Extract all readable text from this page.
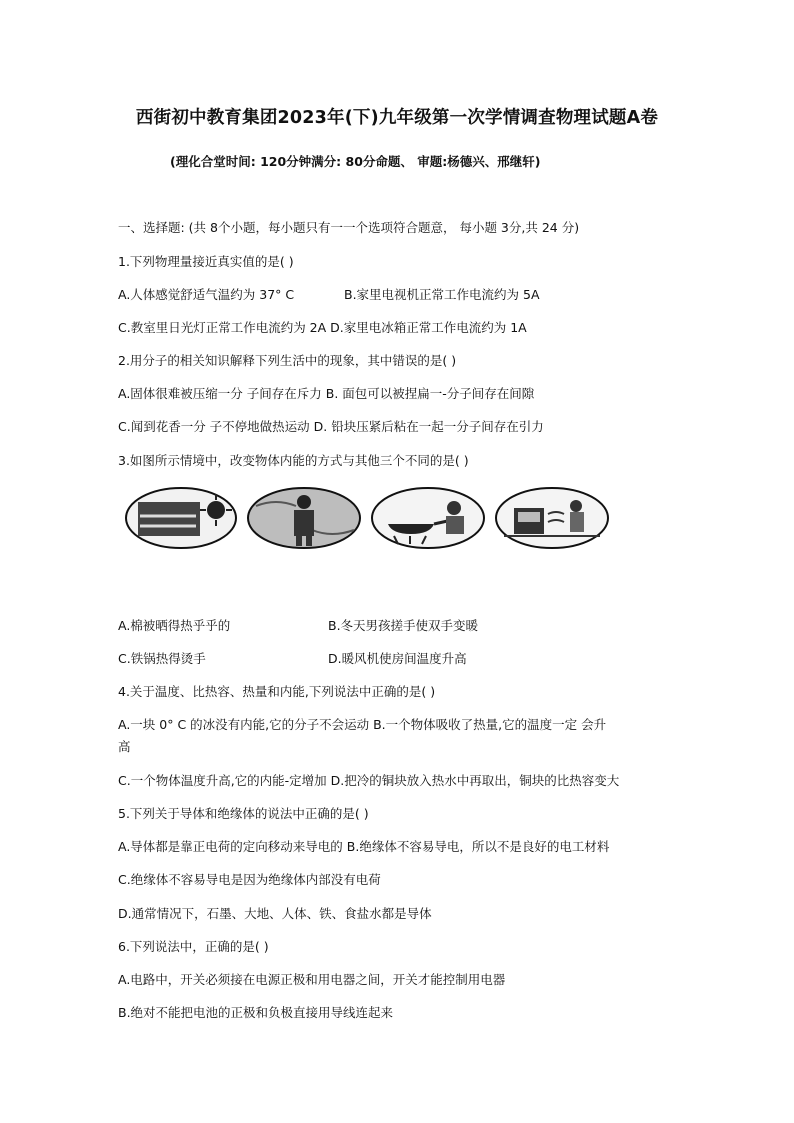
西街初中教育集团2023年(下)九年级第一次学情调查物理试题A卷
(理化合堂时间: 120分钟满分: 80分命题、 审题:杨德兴、邢继轩)
一、选择题: (共 8个小题，每小题只有一一个选项符合题意， 每小题 3分,共 24 分)
1.下列物理量接近真实值的是( )
A.人体感觉舒适气温约为 37° C	B.家里电视机正常工作电流约为 5A
C.教室里日光灯正常工作电流约为 2A D.家里电冰箱正常工作电流约为 1A
2.用分子的相关知识解释下列生活中的现象，其中错误的是( )
A.固体很难被压缩一分 子间存在斥力 B. 面包可以被捏扁一-分子间存在间隙
C.闻到花香一分 子不停地做热运动 D. 铅块压紧后粘在一起一分子间存在引力
3.如图所示情境中，改变物体内能的方式与其他三个不同的是( )
A.棉被晒得热乎乎的	B.冬天男孩搓手使双手变暖
C.铁锅热得烫手	D.暖风机使房间温度升高
4.关于温度、比热容、热量和内能,下列说法中正确的是( )
A.一块 0° C 的冰没有内能,它的分子不会运动 B.一个物体吸收了热量,它的温度一定 会升
高
C.一个物体温度升高,它的内能-定增加 D.把冷的铜块放入热水中再取出，铜块的比热容变大
5.下列关于导体和绝缘体的说法中正确的是( )
A.导体都是靠正电荷的定向移动来导电的 B.绝缘体不容易导电，所以不是良好的电工材料
C.绝缘体不容易导电是因为绝缘体内部没有电荷
D.通常情况下，石墨、大地、人体、铁、食盐水都是导体
6.下列说法中，正确的是( )
A.电路中，开关必须接在电源正极和用电器之间，开关才能控制用电器
B.绝对不能把电池的正极和负极直接用导线连起来
